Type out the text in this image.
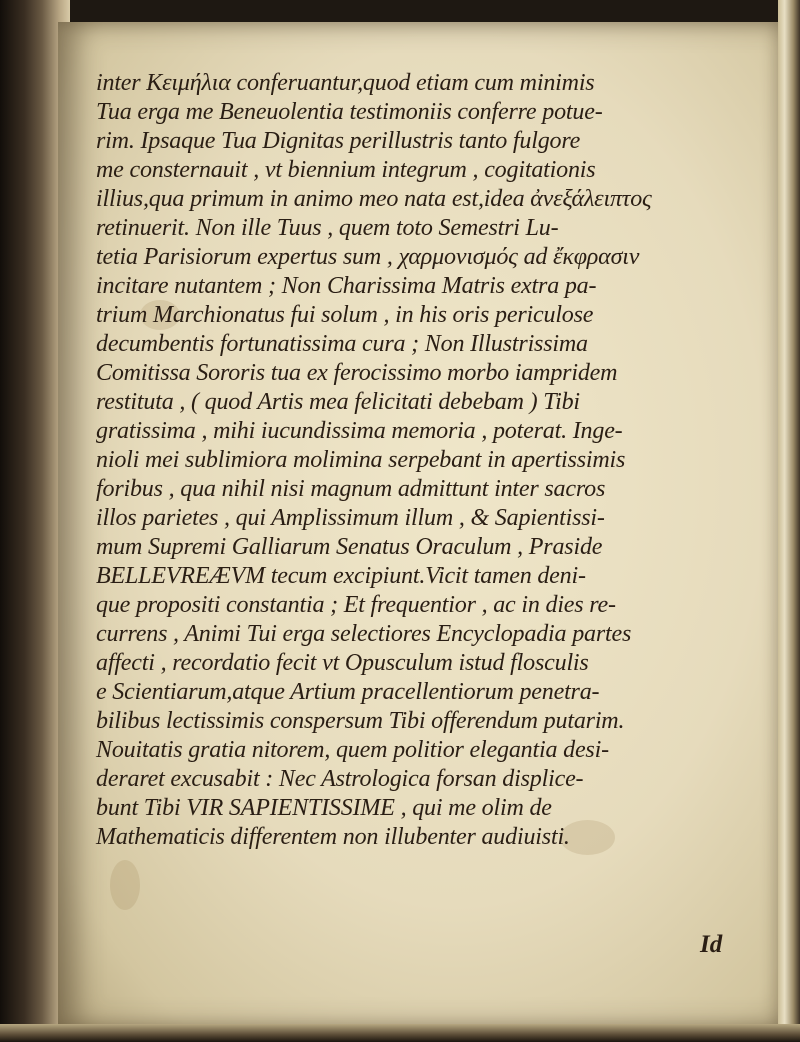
inter Κειμήλια conferuantur,quod etiam cum minimis
Tua erga me Beneuolentia testimoniis conferre potue-
rim. Ipsaque Tua Dignitas perillustris tanto fulgore
me consternauit , vt biennium integrum , cogitationis
illius,qua primum in animo meo nata est,idea ἀνεξάλειπτος
retinuerit. Non ille Tuus , quem toto Semestri Lu-
tetia Parisiorum expertus sum , χαρμονισμός ad ἔκφρασιν
incitare nutantem ; Non Charissima Matris extra pa-
trium Marchionatus fui solum , in his oris periculose
decumbentis fortunatissima cura ; Non Illustrissima
Comitissa Sororis tua ex ferocissimo morbo iampridem
restituta , ( quod Artis mea felicitati debebam ) Tibi
gratissima , mihi iucundissima memoria , poterat. Inge-
nioli mei sublimiora molimina serpebant in apertissimis
foribus , qua nihil nisi magnum admittunt inter sacros
illos parietes , qui Amplissimum illum , & Sapientissi-
mum Supremi Galliarum Senatus Oraculum , Praside
BELLEVREÆVM tecum excipiunt.Vicit tamen deni-
que propositi constantia ; Et frequentior , ac in dies re-
currens , Animi Tui erga selectiores Encyclopadia partes
affecti , recordatio fecit vt Opusculum istud flosculis
e Scientiarum,atque Artium pracellentiorum penetra-
bilibus lectissimis conspersum Tibi offerendum putarim.
Nouitatis gratia nitorem, quem politior elegantia desi-
deraret excusabit : Nec Astrologica forsan displice-
bunt Tibi VIR SAPIENTISSIME , qui me olim de
Mathematicis differentem non illubenter audiuisti.
Id
